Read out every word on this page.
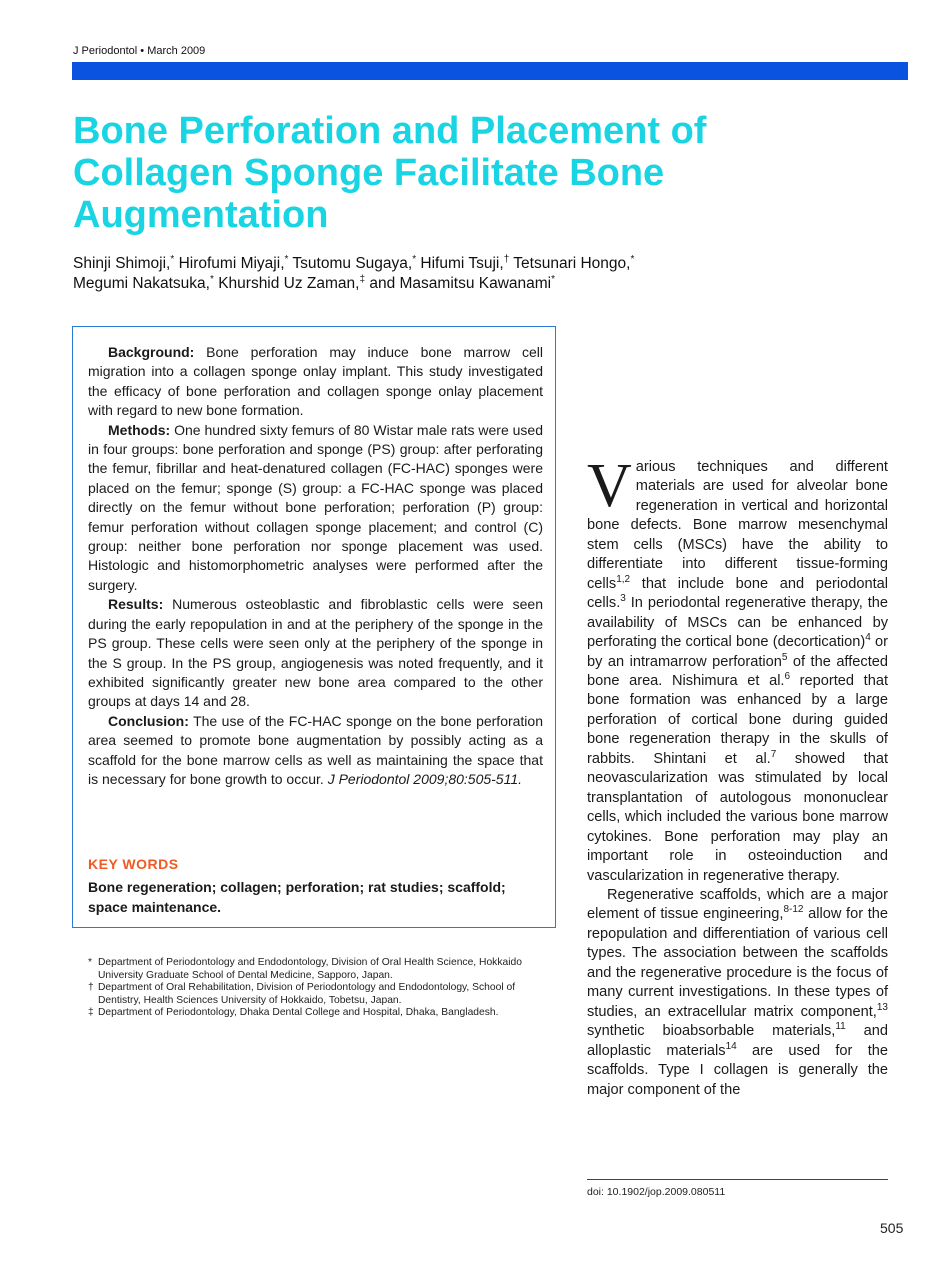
J Periodontol • March 2009
Bone Perforation and Placement of Collagen Sponge Facilitate Bone Augmentation
Shinji Shimoji,* Hirofumi Miyaji,* Tsutomu Sugaya,* Hifumi Tsuji,† Tetsunari Hongo,*
Megumi Nakatsuka,* Khurshid Uz Zaman,‡ and Masamitsu Kawanami*

Background: Bone perforation may induce bone marrow cell migration into a collagen sponge onlay implant. This study investigated the efficacy of bone perforation and collagen sponge onlay placement with regard to new bone formation.

Methods: One hundred sixty femurs of 80 Wistar male rats were used in four groups: bone perforation and sponge (PS) group: after perforating the femur, fibrillar and heat-denatured collagen (FC-HAC) sponges were placed on the femur; sponge (S) group: a FC-HAC sponge was placed directly on the femur without bone perforation; perforation (P) group: femur perforation without collagen sponge placement; and control (C) group: neither bone perforation nor sponge placement was used. Histologic and histomorphometric analyses were performed after the surgery.

Results: Numerous osteoblastic and fibroblastic cells were seen during the early repopulation in and at the periphery of the sponge in the PS group. These cells were seen only at the periphery of the sponge in the S group. In the PS group, angiogenesis was noted frequently, and it exhibited significantly greater new bone area compared to the other groups at days 14 and 28.

Conclusion: The use of the FC-HAC sponge on the bone perforation area seemed to promote bone augmentation by possibly acting as a scaffold for the bone marrow cells as well as maintaining the space that is necessary for bone growth to occur. J Periodontol 2009;80:505-511.

KEY WORDS
Bone regeneration; collagen; perforation; rat studies; scaffold; space maintenance.
* Department of Periodontology and Endodontology, Division of Oral Health Science, Hokkaido University Graduate School of Dental Medicine, Sapporo, Japan.
† Department of Oral Rehabilitation, Division of Periodontology and Endodontology, School of Dentistry, Health Sciences University of Hokkaido, Tobetsu, Japan.
‡ Department of Periodontology, Dhaka Dental College and Hospital, Dhaka, Bangladesh.

Various techniques and different materials are used for alveolar bone regeneration in vertical and horizontal bone defects. Bone marrow mesenchymal stem cells (MSCs) have the ability to differentiate into different tissue-forming cells$^{1,2}$ that include bone and periodontal cells.$^3$ In periodontal regenerative therapy, the availability of MSCs can be enhanced by perforating the cortical bone (decortication)$^4$ or by an intramarrow perforation$^5$ of the affected bone area. Nishimura et al.$^6$ reported that bone formation was enhanced by a large perforation of cortical bone during guided bone regeneration therapy in the skulls of rabbits. Shintani et al.$^7$ showed that neovascularization was stimulated by local transplantation of autologous mononuclear cells, which included the various bone marrow cytokines. Bone perforation may play an important role in osteoinduction and vascularization in regenerative therapy.

Regenerative scaffolds, which are a major element of tissue engineering,$^{8-12}$ allow for the repopulation and differentiation of various cell types. The association between the scaffolds and the regenerative procedure is the focus of many current investigations. In these types of studies, an extracellular matrix component,$^{13}$ synthetic bioabsorbable materials,$^{11}$ and alloplastic materials$^{14}$ are used for the scaffolds. Type I collagen is generally the major component of the

doi: 10.1902/jop.2009.080511
505
